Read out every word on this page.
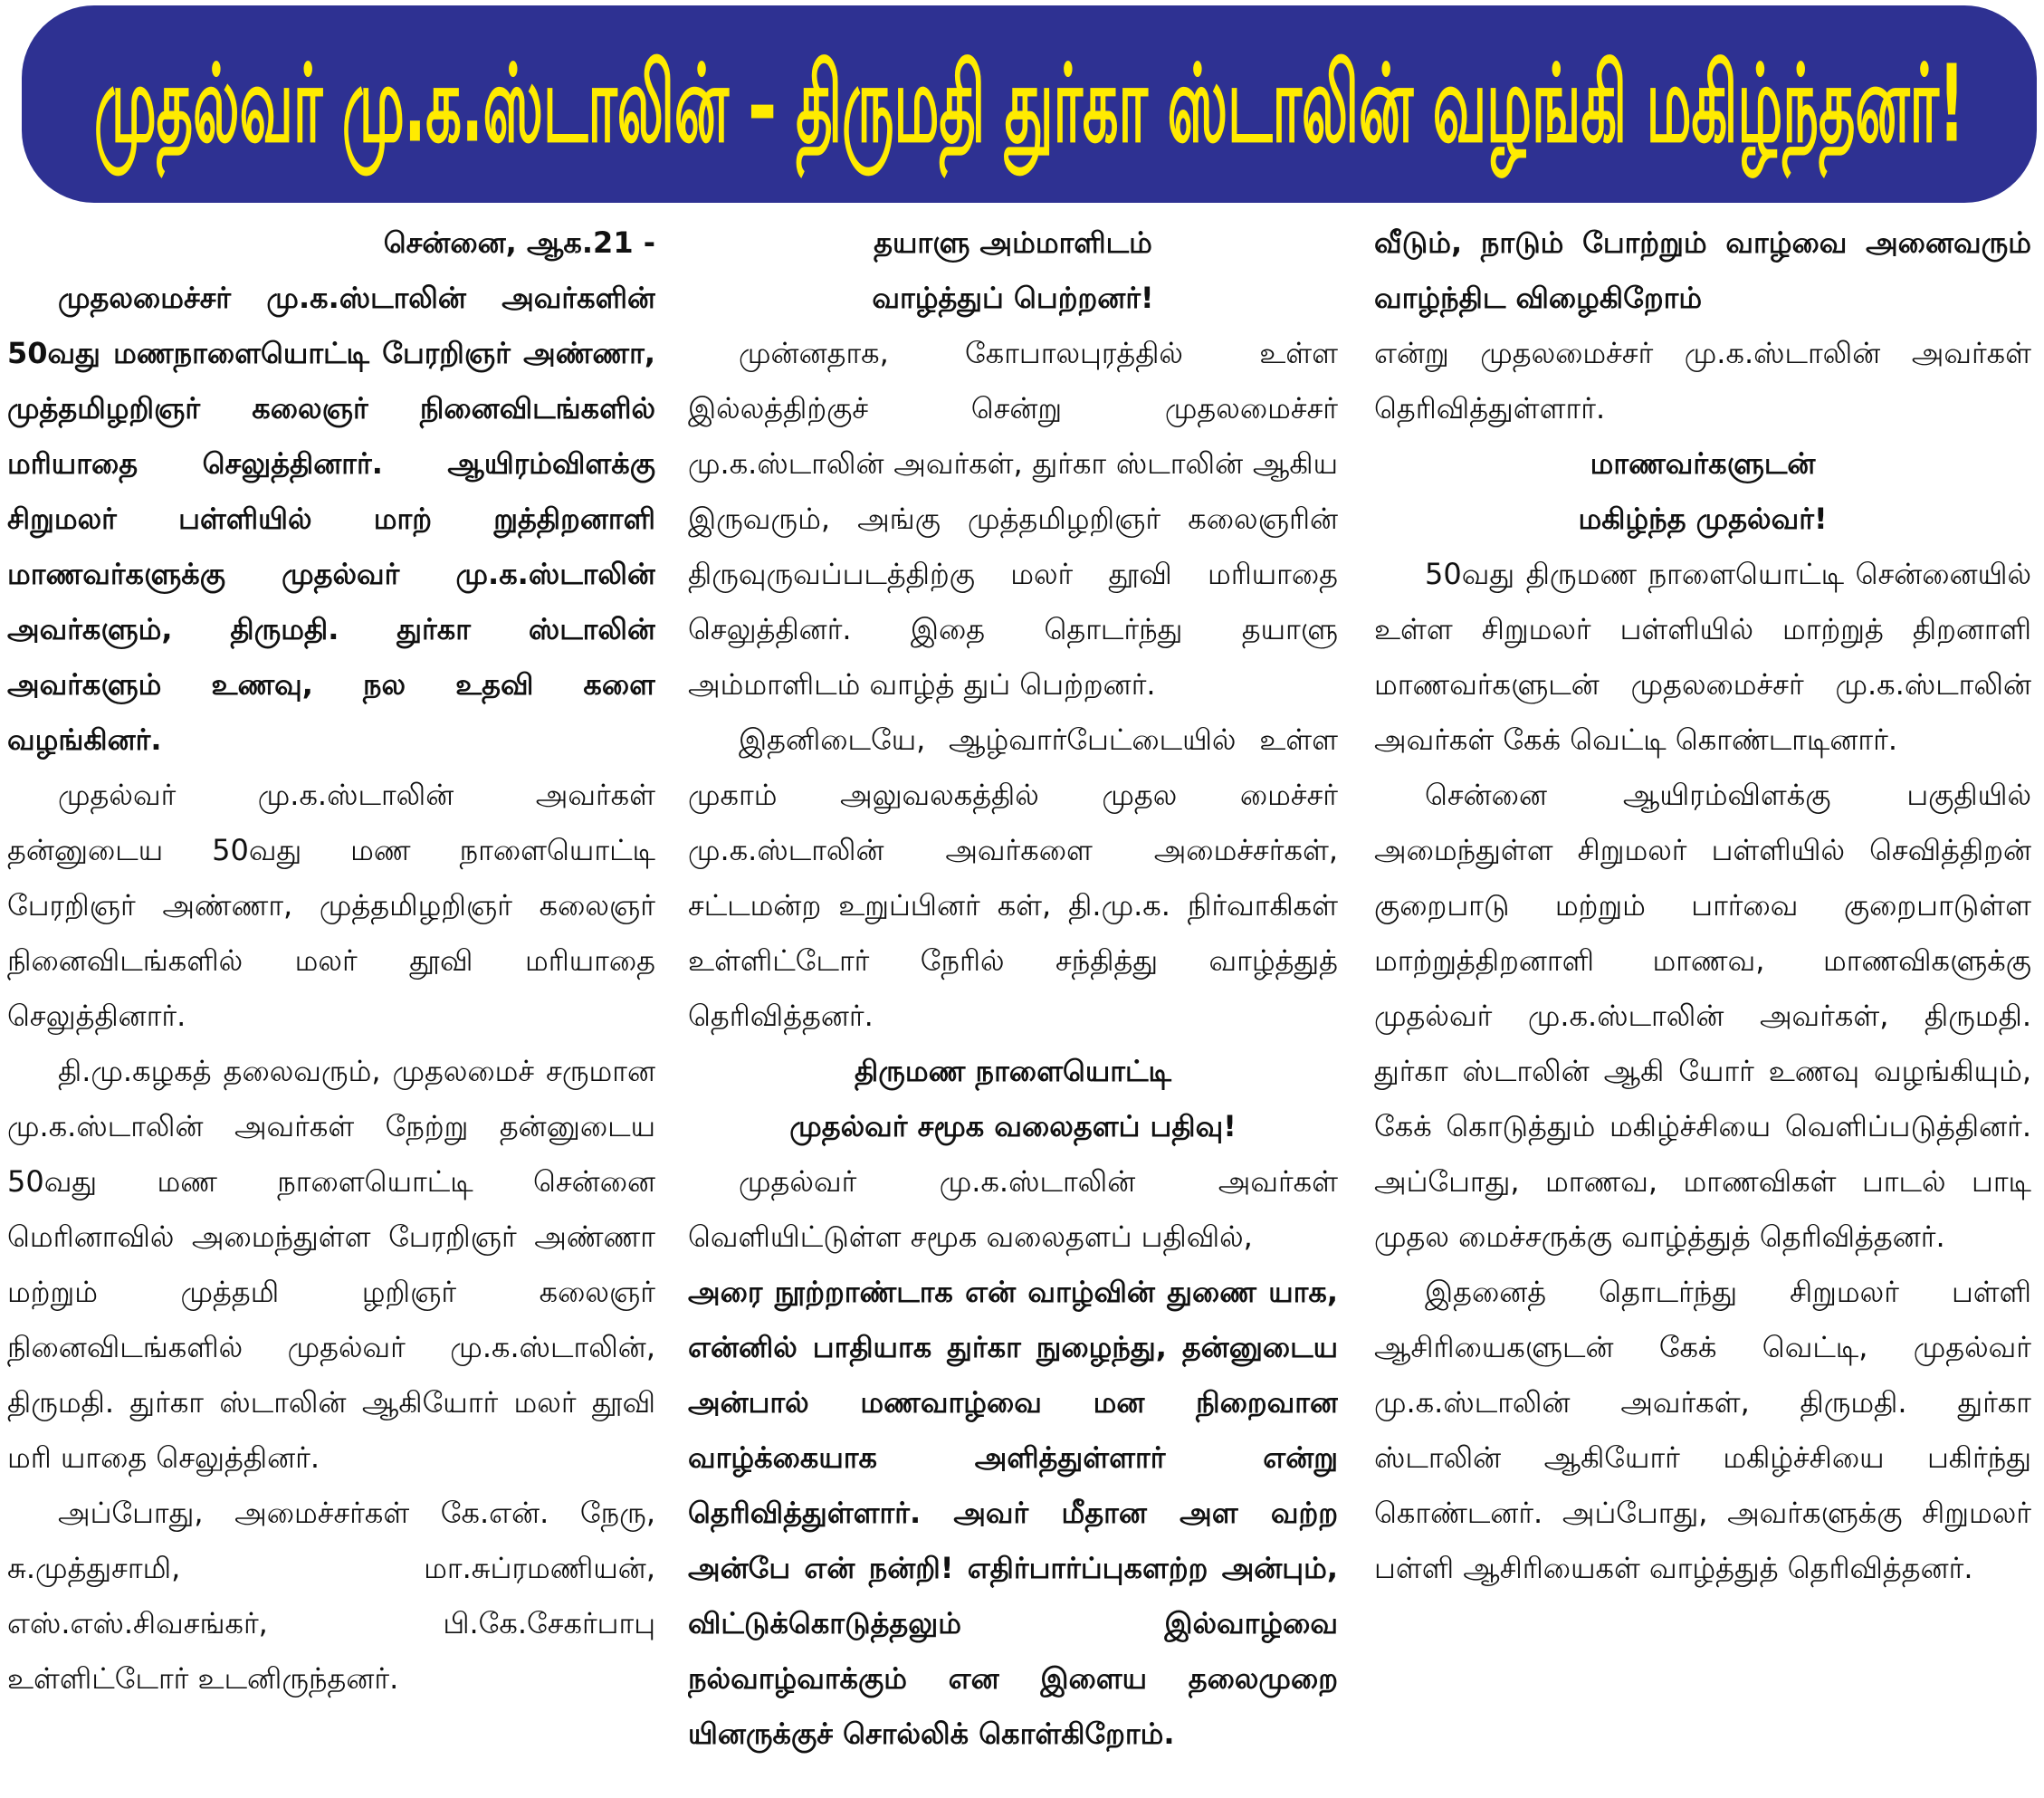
முதல்வர் மு.க.ஸ்டாலின் – திருமதி துர்கா ஸ்டாலின் வழங்கி மகிழ்ந்தனர்!

சென்னை, ஆக.21 -

முதலமைச்சர் மு.க.ஸ்டாலின் அவர்களின் 50வது மணநாளையொட்டி பேரறிஞர் அண்ணா, முத்தமிழறிஞர் கலைஞர் நினைவிடங்களில் மரியாதை செலுத்தினார். ஆயிரம்விளக்கு சிறுமலர் பள்ளியில் மாற் றுத்திறனாளி மாணவர்களுக்கு முதல்வர் மு.க.ஸ்டாலின் அவர்களும், திருமதி. துர்கா ஸ்டாலின் அவர்களும் உணவு, நல உதவி களை வழங்கினர்.

முதல்வர் மு.க.ஸ்டாலின் அவர்கள் தன்னுடைய 50வது மண நாளையொட்டி பேரறிஞர் அண்ணா, முத்தமிழறிஞர் கலைஞர் நினைவிடங்களில் மலர் தூவி மரியாதை செலுத்தினார்.

தி.மு.கழகத் தலைவரும், முதலமைச் சருமான மு.க.ஸ்டாலின் அவர்கள் நேற்று தன்னுடைய 50வது மண நாளையொட்டி சென்னை மெரினாவில் அமைந்துள்ள பேரறிஞர் அண்ணா மற்றும் முத்தமி ழறிஞர் கலைஞர் நினைவிடங்களில் முதல்வர் மு.க.ஸ்டாலின், திருமதி. துர்கா ஸ்டாலின் ஆகியோர் மலர் தூவி மரி யாதை செலுத்தினர்.

அப்போது, அமைச்சர்கள் கே.என். நேரு, சு.முத்துசாமி, மா.சுப்ரமணியன், எஸ்.எஸ்.சிவசங்கர், பி.கே.சேகர்பாபு உள்ளிட்டோர் உடனிருந்தனர்.

தயாளு அம்மாளிடம்

வாழ்த்துப் பெற்றனர்!

முன்னதாக, கோபாலபுரத்தில் உள்ள இல்லத்திற்குச் சென்று முதலமைச்சர் மு.க.ஸ்டாலின் அவர்கள், துர்கா ஸ்டாலின் ஆகிய இருவரும், அங்கு முத்தமிழறிஞர் கலைஞரின் திருவுருவப்படத்திற்கு மலர் தூவி மரியாதை செலுத்தினர். இதை தொடர்ந்து தயாளு அம்மாளிடம் வாழ்த் துப் பெற்றனர்.

இதனிடையே, ஆழ்வார்பேட்டையில் உள்ள முகாம் அலுவலகத்தில் முதல மைச்சர் மு.க.ஸ்டாலின் அவர்களை அமைச்சர்கள், சட்டமன்ற உறுப்பினர் கள், தி.மு.க. நிர்வாகிகள் உள்ளிட்டோர் நேரில் சந்தித்து வாழ்த்துத் தெரிவித்தனர்.

திருமண நாளையொட்டி

முதல்வர் சமூக வலைதளப் பதிவு!

முதல்வர் மு.க.ஸ்டாலின் அவர்கள் வெளியிட்டுள்ள சமூக வலைதளப் பதிவில்,

அரை நூற்றாண்டாக என் வாழ்வின் துணை யாக, என்னில் பாதியாக துர்கா நுழைந்து, தன்னுடைய அன்பால் மணவாழ்வை மன நிறைவான வாழ்க்கையாக அளித்துள்ளார் என்று தெரிவித்துள்ளார். அவர் மீதான அள வற்ற அன்பே என் நன்றி! எதிர்பார்ப்புகளற்ற அன்பும், விட்டுக்கொடுத்தலும் இல்வாழ்வை நல்வாழ்வாக்கும் என இளைய தலைமுறை யினருக்குச் சொல்லிக் கொள்கிறோம்.

வீடும், நாடும் போற்றும் வாழ்வை அனைவரும் வாழ்ந்திட விழைகிறோம்

என்று முதலமைச்சர் மு.க.ஸ்டாலின் அவர்கள் தெரிவித்துள்ளார்.

மாணவர்களுடன்

மகிழ்ந்த முதல்வர்!

50வது திருமண நாளையொட்டி சென்னையில் உள்ள சிறுமலர் பள்ளியில் மாற்றுத் திறனாளி மாணவர்களுடன் முதலமைச்சர் மு.க.ஸ்டாலின் அவர்கள் கேக் வெட்டி கொண்டாடினார்.

சென்னை ஆயிரம்விளக்கு பகுதியில் அமைந்துள்ள சிறுமலர் பள்ளியில் செவித்திறன் குறைபாடு மற்றும் பார்வை குறைபாடுள்ள மாற்றுத்திறனாளி மாணவ, மாணவிகளுக்கு முதல்வர் மு.க.ஸ்டாலின் அவர்கள், திருமதி. துர்கா ஸ்டாலின் ஆகி யோர் உணவு வழங்கியும், கேக் கொடுத்தும் மகிழ்ச்சியை வெளிப்படுத்தினர். அப்போது, மாணவ, மாணவிகள் பாடல் பாடி முதல மைச்சருக்கு வாழ்த்துத் தெரிவித்தனர்.

இதனைத் தொடர்ந்து சிறுமலர் பள்ளி ஆசிரியைகளுடன் கேக் வெட்டி, முதல்வர் மு.க.ஸ்டாலின் அவர்கள், திருமதி. துர்கா ஸ்டாலின் ஆகியோர் மகிழ்ச்சியை பகிர்ந்து கொண்டனர். அப்போது, அவர்களுக்கு சிறுமலர் பள்ளி ஆசிரியைகள் வாழ்த்துத் தெரிவித்தனர்.
